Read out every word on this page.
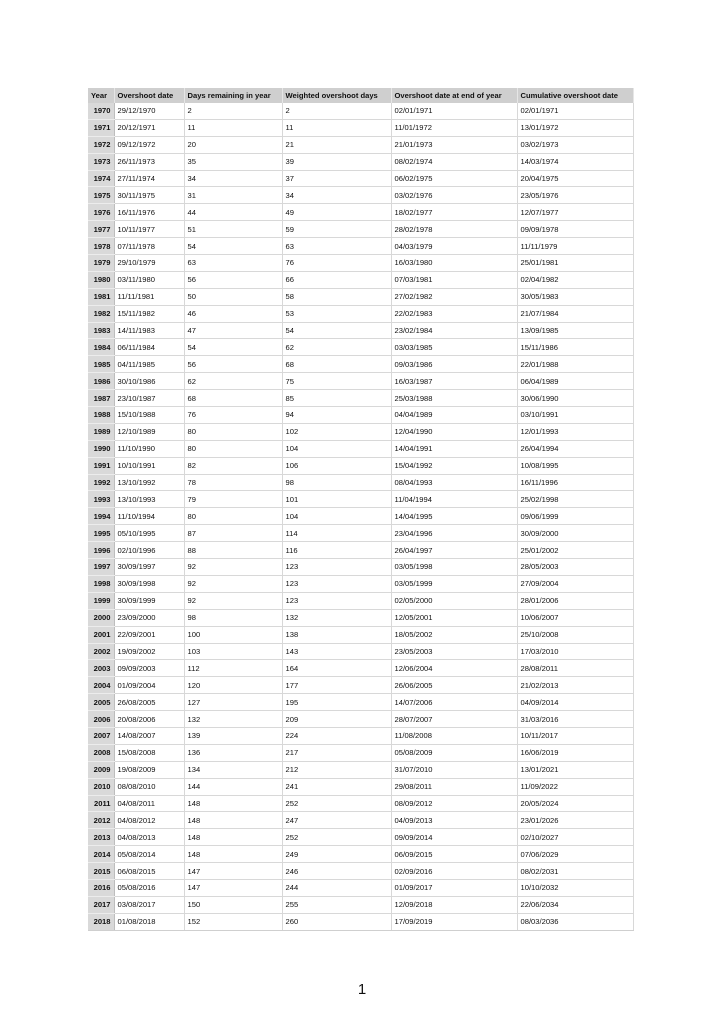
Year	Overshoot date	Days remaining in year	Weighted overshoot days	Overshoot date at end of year	Cumulative overshoot date
1970	29/12/1970	2	2	02/01/1971	02/01/1971
1971	20/12/1971	11	11	11/01/1972	13/01/1972
1972	09/12/1972	20	21	21/01/1973	03/02/1973
1973	26/11/1973	35	39	08/02/1974	14/03/1974
1974	27/11/1974	34	37	06/02/1975	20/04/1975
1975	30/11/1975	31	34	03/02/1976	23/05/1976
1976	16/11/1976	44	49	18/02/1977	12/07/1977
1977	10/11/1977	51	59	28/02/1978	09/09/1978
1978	07/11/1978	54	63	04/03/1979	11/11/1979
1979	29/10/1979	63	76	16/03/1980	25/01/1981
1980	03/11/1980	56	66	07/03/1981	02/04/1982
1981	11/11/1981	50	58	27/02/1982	30/05/1983
1982	15/11/1982	46	53	22/02/1983	21/07/1984
1983	14/11/1983	47	54	23/02/1984	13/09/1985
1984	06/11/1984	54	62	03/03/1985	15/11/1986
1985	04/11/1985	56	68	09/03/1986	22/01/1988
1986	30/10/1986	62	75	16/03/1987	06/04/1989
1987	23/10/1987	68	85	25/03/1988	30/06/1990
1988	15/10/1988	76	94	04/04/1989	03/10/1991
1989	12/10/1989	80	102	12/04/1990	12/01/1993
1990	11/10/1990	80	104	14/04/1991	26/04/1994
1991	10/10/1991	82	106	15/04/1992	10/08/1995
1992	13/10/1992	78	98	08/04/1993	16/11/1996
1993	13/10/1993	79	101	11/04/1994	25/02/1998
1994	11/10/1994	80	104	14/04/1995	09/06/1999
1995	05/10/1995	87	114	23/04/1996	30/09/2000
1996	02/10/1996	88	116	26/04/1997	25/01/2002
1997	30/09/1997	92	123	03/05/1998	28/05/2003
1998	30/09/1998	92	123	03/05/1999	27/09/2004
1999	30/09/1999	92	123	02/05/2000	28/01/2006
2000	23/09/2000	98	132	12/05/2001	10/06/2007
2001	22/09/2001	100	138	18/05/2002	25/10/2008
2002	19/09/2002	103	143	23/05/2003	17/03/2010
2003	09/09/2003	112	164	12/06/2004	28/08/2011
2004	01/09/2004	120	177	26/06/2005	21/02/2013
2005	26/08/2005	127	195	14/07/2006	04/09/2014
2006	20/08/2006	132	209	28/07/2007	31/03/2016
2007	14/08/2007	139	224	11/08/2008	10/11/2017
2008	15/08/2008	136	217	05/08/2009	16/06/2019
2009	19/08/2009	134	212	31/07/2010	13/01/2021
2010	08/08/2010	144	241	29/08/2011	11/09/2022
2011	04/08/2011	148	252	08/09/2012	20/05/2024
2012	04/08/2012	148	247	04/09/2013	23/01/2026
2013	04/08/2013	148	252	09/09/2014	02/10/2027
2014	05/08/2014	148	249	06/09/2015	07/06/2029
2015	06/08/2015	147	246	02/09/2016	08/02/2031
2016	05/08/2016	147	244	01/09/2017	10/10/2032
2017	03/08/2017	150	255	12/09/2018	22/06/2034
2018	01/08/2018	152	260	17/09/2019	08/03/2036
1
